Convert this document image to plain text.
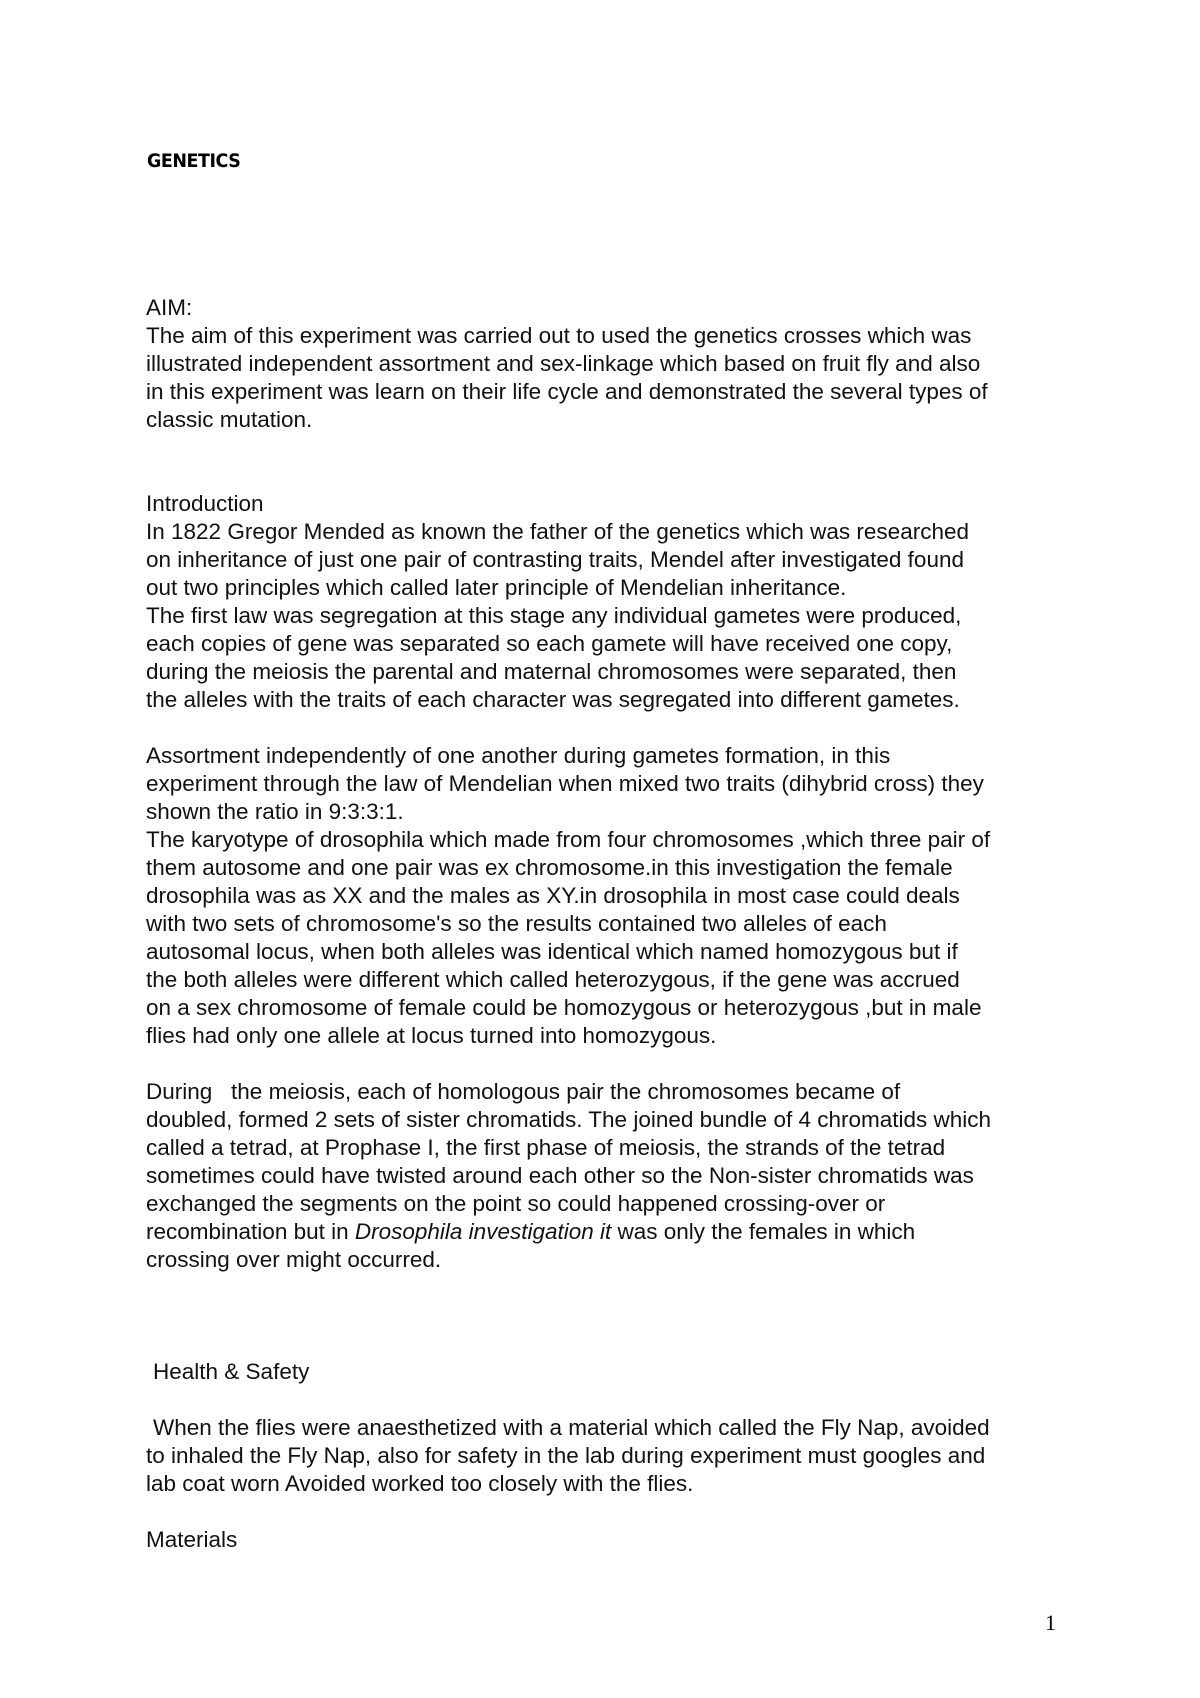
GENETICS

AIM:

The aim of this experiment was carried out to used the genetics crosses which was

illustrated independent assortment and sex-linkage which based on fruit fly and also

in this experiment was learn on their life cycle and demonstrated the several types of

classic mutation.

Introduction

In 1822 Gregor Mended as known the father of the genetics which was researched

on inheritance of just one pair of contrasting traits, Mendel after investigated found

out two principles which called later principle of Mendelian inheritance.

The first law was segregation at this stage any individual gametes were produced,

each copies of gene was separated so each gamete will have received one copy,

during the meiosis the parental and maternal chromosomes were separated, then

the alleles with the traits of each character was segregated into different gametes.

Assortment independently of one another during gametes formation, in this

experiment through the law of Mendelian when mixed two traits (dihybrid cross) they

shown the ratio in 9:3:3:1.

The karyotype of drosophila which made from four chromosomes ,which three pair of

them autosome and one pair was ex chromosome.in this investigation the female

drosophila was as XX and the males as XY.in drosophila in most case could deals

with two sets of chromosome's so the results contained two alleles of each

autosomal locus, when both alleles was identical which named homozygous but if

the both alleles were different which called heterozygous, if the gene was accrued

on a sex chromosome of female could be homozygous or heterozygous ,but in male

flies had only one allele at locus turned into homozygous.

During   the meiosis, each of homologous pair the chromosomes became of

doubled, formed 2 sets of sister chromatids. The joined bundle of 4 chromatids which

called a tetrad, at Prophase I, the first phase of meiosis, the strands of the tetrad

sometimes could have twisted around each other so the Non-sister chromatids was

exchanged the segments on the point so could happened crossing-over or

recombination but in Drosophila investigation it was only the females in which

crossing over might occurred.

Health & Safety

When the flies were anaesthetized with a material which called the Fly Nap, avoided

to inhaled the Fly Nap, also for safety in the lab during experiment must googles and

lab coat worn Avoided worked too closely with the flies.

Materials

1
